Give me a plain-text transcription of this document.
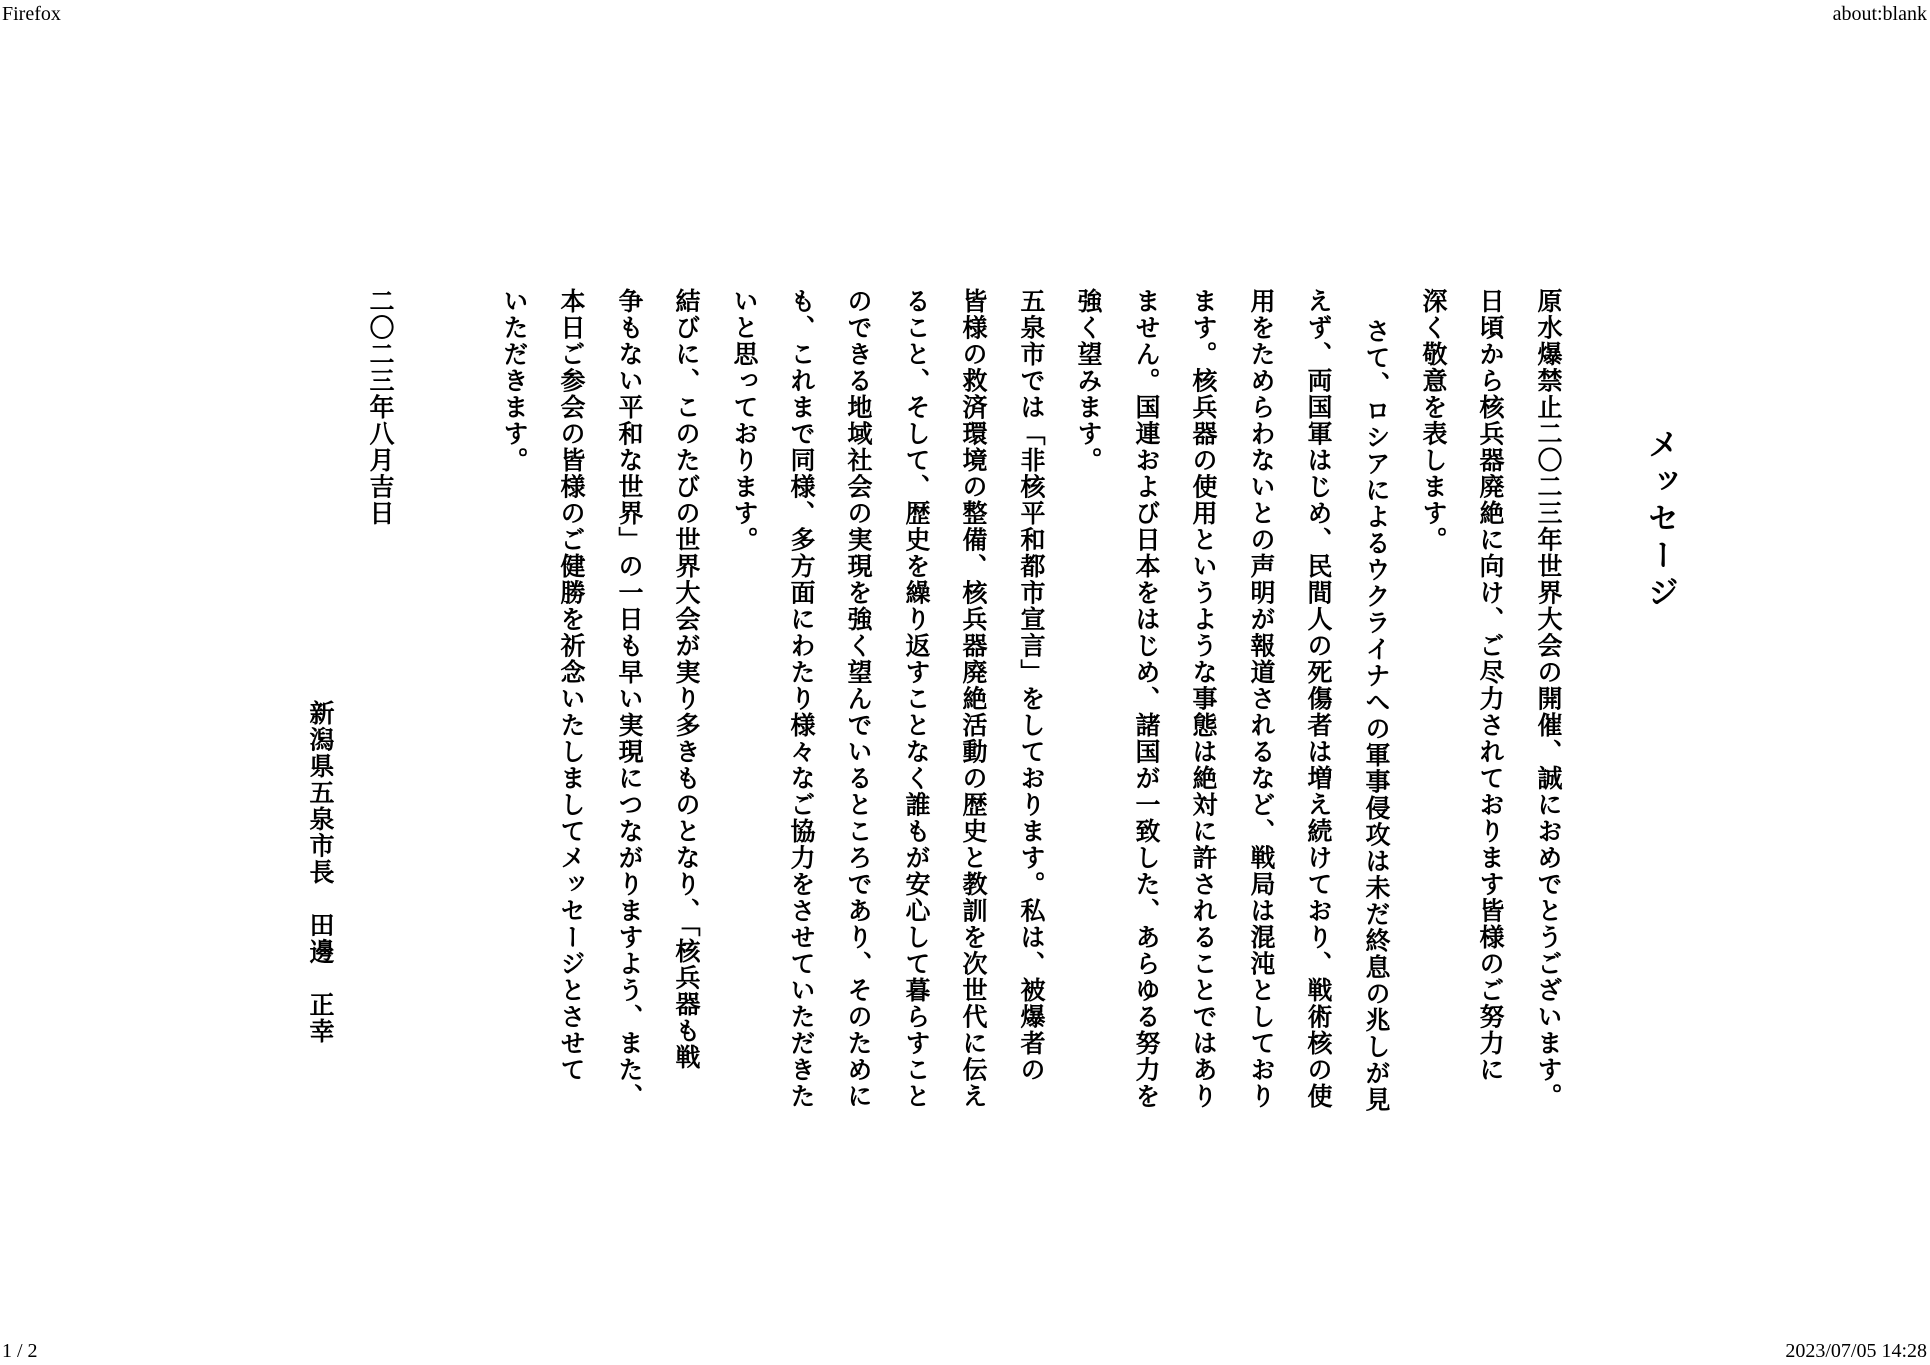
Firefox	about:blank
メッセージ
原水爆禁止二〇二三年世界大会の開催、誠におめでとうございます。
日頃から核兵器廃絶に向け、ご尽力されております皆様のご努力に
深く敬意を表します。
さて、ロシアによるウクライナへの軍事侵攻は未だ終息の兆しが見
えず、両国軍はじめ、民間人の死傷者は増え続けており、戦術核の使
用をためらわないとの声明が報道されるなど、戦局は混沌としており
ます。核兵器の使用というような事態は絶対に許されることではあり
ません。国連および日本をはじめ、諸国が一致した、あらゆる努力を
強く望みます。
五泉市では「非核平和都市宣言」をしております。私は、被爆者の
皆様の救済環境の整備、核兵器廃絶活動の歴史と教訓を次世代に伝え
ること、そして、歴史を繰り返すことなく誰もが安心して暮らすこと
のできる地域社会の実現を強く望んでいるところであり、そのために
も、これまで同様、多方面にわたり様々なご協力をさせていただきた
いと思っております。
結びに、このたびの世界大会が実り多きものとなり、「核兵器も戦
争もない平和な世界」の一日も早い実現につながりますよう、また、
本日ご参会の皆様のご健勝を祈念いたしましてメッセージとさせて
いただきます。
二〇二三年八月吉日
新潟県五泉市長　田邊　正幸
1 / 2	2023/07/05 14:28
